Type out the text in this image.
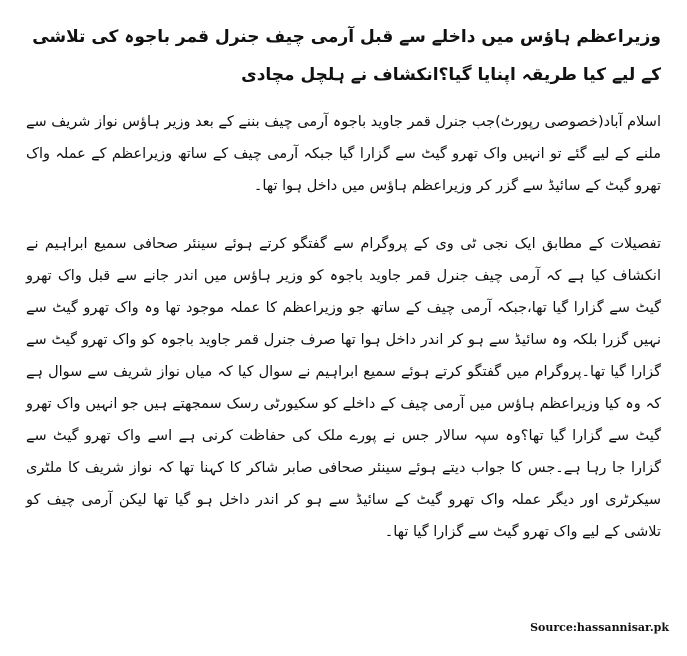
وزیراعظم ہاؤس میں داخلے سے قبل آرمی چیف جنرل قمر باجوہ کی تلاشی کے لیے کیا طریقہ اپنایا گیا؟انکشاف نے ہلچل مچادی

اسلام آباد(خصوصی رپورٹ)جب جنرل قمر جاوید باجوہ آرمی چیف بننے کے بعد وزیر ہاؤس نواز شریف سے ملنے کے لیے گئے تو انہیں واک تھرو گیٹ سے گزارا گیا جبکہ آرمی چیف کے ساتھ وزیراعظم کے عملہ واک تھرو گیٹ کے سائیڈ سے گزر کر وزیراعظم ہاؤس میں داخل ہوا تھا۔

تفصیلات کے مطابق ایک نجی ٹی وی کے پروگرام سے گفتگو کرتے ہوئے سینئر صحافی سمیع ابراہیم نے انکشاف کیا ہے کہ آرمی چیف جنرل قمر جاوید باجوہ کو وزیر ہاؤس میں اندر جانے سے قبل واک تھرو گیٹ سے گزارا گیا تھا،جبکہ آرمی چیف کے ساتھ جو وزیراعظم کا عملہ موجود تھا وہ واک تھرو گیٹ سے نہیں گزرا بلکہ وہ سائیڈ سے ہو کر اندر داخل ہوا تھا صرف جنرل قمر جاوید باجوہ کو واک تھرو گیٹ سے گزارا گیا تھا۔پروگرام میں گفتگو کرتے ہوئے سمیع ابراہیم نے سوال کیا کہ میاں نواز شریف سے سوال ہے کہ وہ کیا وزیراعظم ہاؤس میں آرمی چیف کے داخلے کو سکیورٹی رسک سمجھتے ہیں جو انہیں واک تھرو گیٹ سے گزارا گیا تھا؟وہ سپہ سالار جس نے پورے ملک کی حفاظت کرنی ہے اسے واک تھرو گیٹ سے گزارا جا رہا ہے۔جس کا جواب دیتے ہوئے سینئر صحافی صابر شاکر کا کہنا تھا کہ نواز شریف کا ملٹری سیکرٹری اور دیگر عملہ واک تھرو گیٹ کے سائیڈ سے ہو کر اندر داخل ہو گیا تھا لیکن آرمی چیف کو تلاشی کے لیے واک تھرو گیٹ سے گزارا گیا تھا۔

Source:hassannisar.pk
